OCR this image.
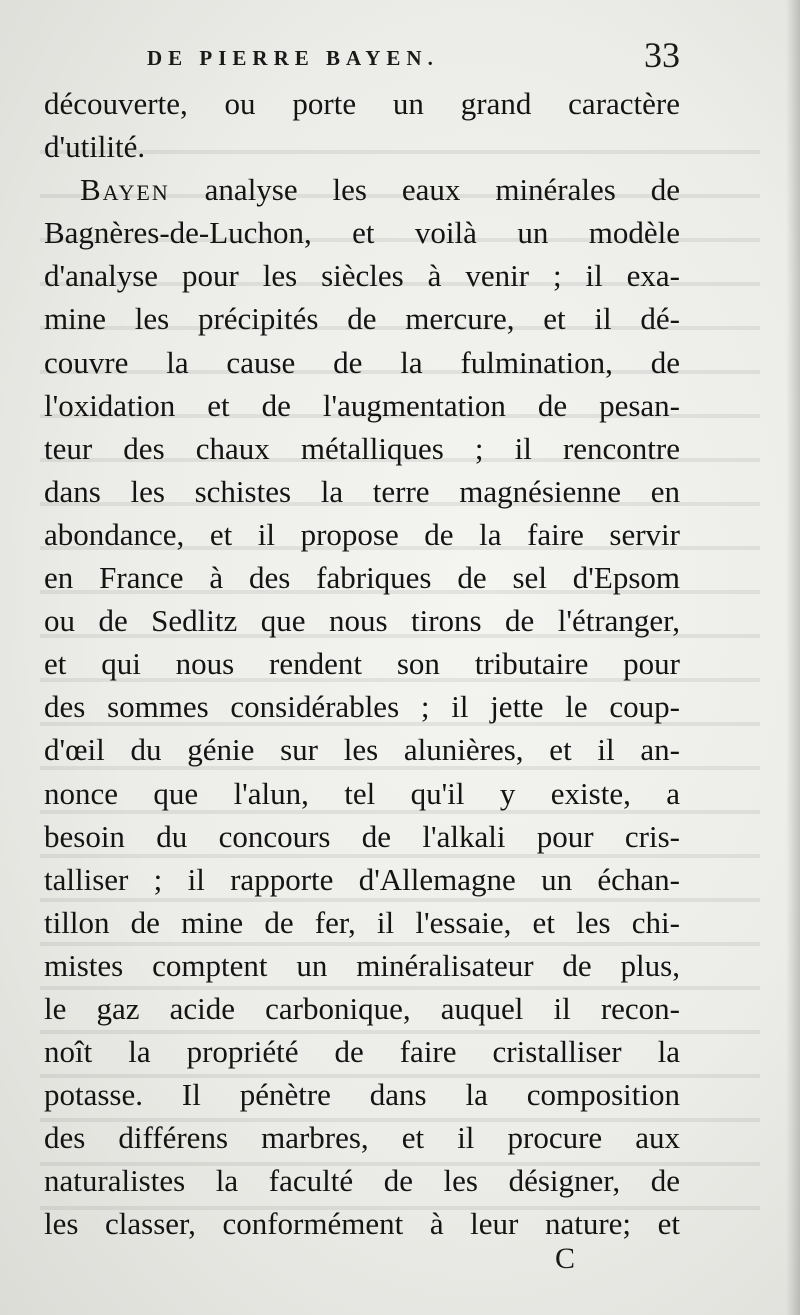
DE PIERRE BAYEN.	33
découverte, ou porte un grand caractère
d'utilité.
Bayen analyse les eaux minérales de
Bagnères-de-Luchon, et voilà un modèle
d'analyse pour les siècles à venir ; il exa-
mine les précipités de mercure, et il dé-
couvre la cause de la fulmination, de
l'oxidation et de l'augmentation de pesan-
teur des chaux métalliques ; il rencontre
dans les schistes la terre magnésienne en
abondance, et il propose de la faire servir
en France à des fabriques de sel d'Epsom
ou de Sedlitz que nous tirons de l'étranger,
et qui nous rendent son tributaire pour
des sommes considérables ; il jette le coup-
d'œil du génie sur les alunières, et il an-
nonce que l'alun, tel qu'il y existe, a
besoin du concours de l'alkali pour cris-
talliser ; il rapporte d'Allemagne un échan-
tillon de mine de fer, il l'essaie, et les chi-
mistes comptent un minéralisateur de plus,
le gaz acide carbonique, auquel il recon-
noît la propriété de faire cristalliser la
potasse. Il pénètre dans la composition
des différens marbres, et il procure aux
naturalistes la faculté de les désigner, de
les classer, conformément à leur nature; et
C
